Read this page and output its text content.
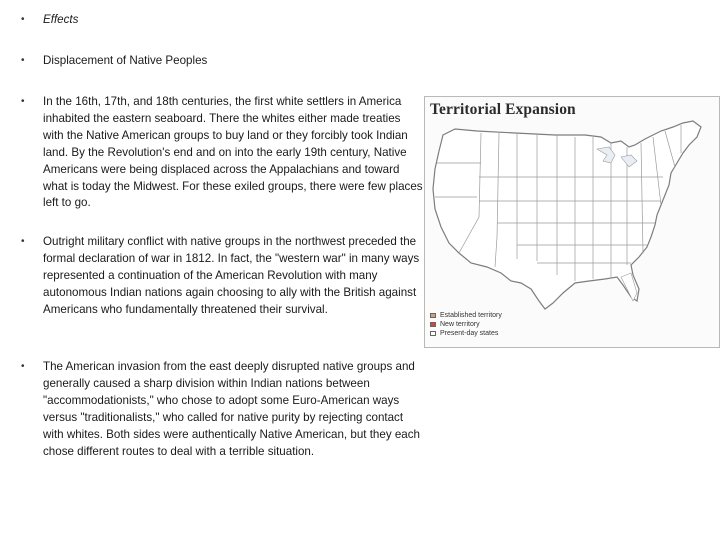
• Effects
• Displacement of Native Peoples
• In the 16th, 17th, and 18th centuries, the first white settlers in America inhabited the eastern seaboard. There the whites either made treaties with the Native American groups to buy land or they forcibly took Indian land. By the Revolution's end and on into the early 19th century, Native Americans were being displaced across the Appalachians and toward what is today the Midwest. For these exiled groups, there were few places left to go.
• Outright military conflict with native groups in the northwest preceded the formal declaration of war in 1812. In fact, the "western war" in many ways represented a continuation of the American Revolution with many autonomous Indian nations again choosing to ally with the British against Americans who fundamentally threatened their survival.
• The American invasion from the east deeply disrupted native groups and generally caused a sharp division within Indian nations between "accommodationists," who chose to adopt some Euro-American ways versus "traditionalists," who called for native purity by rejecting contact with whites. Both sides were authentically Native American, but they each chose different routes to deal with a terrible situation.
Territorial Expansion
Established territory
New territory
Present-day states
